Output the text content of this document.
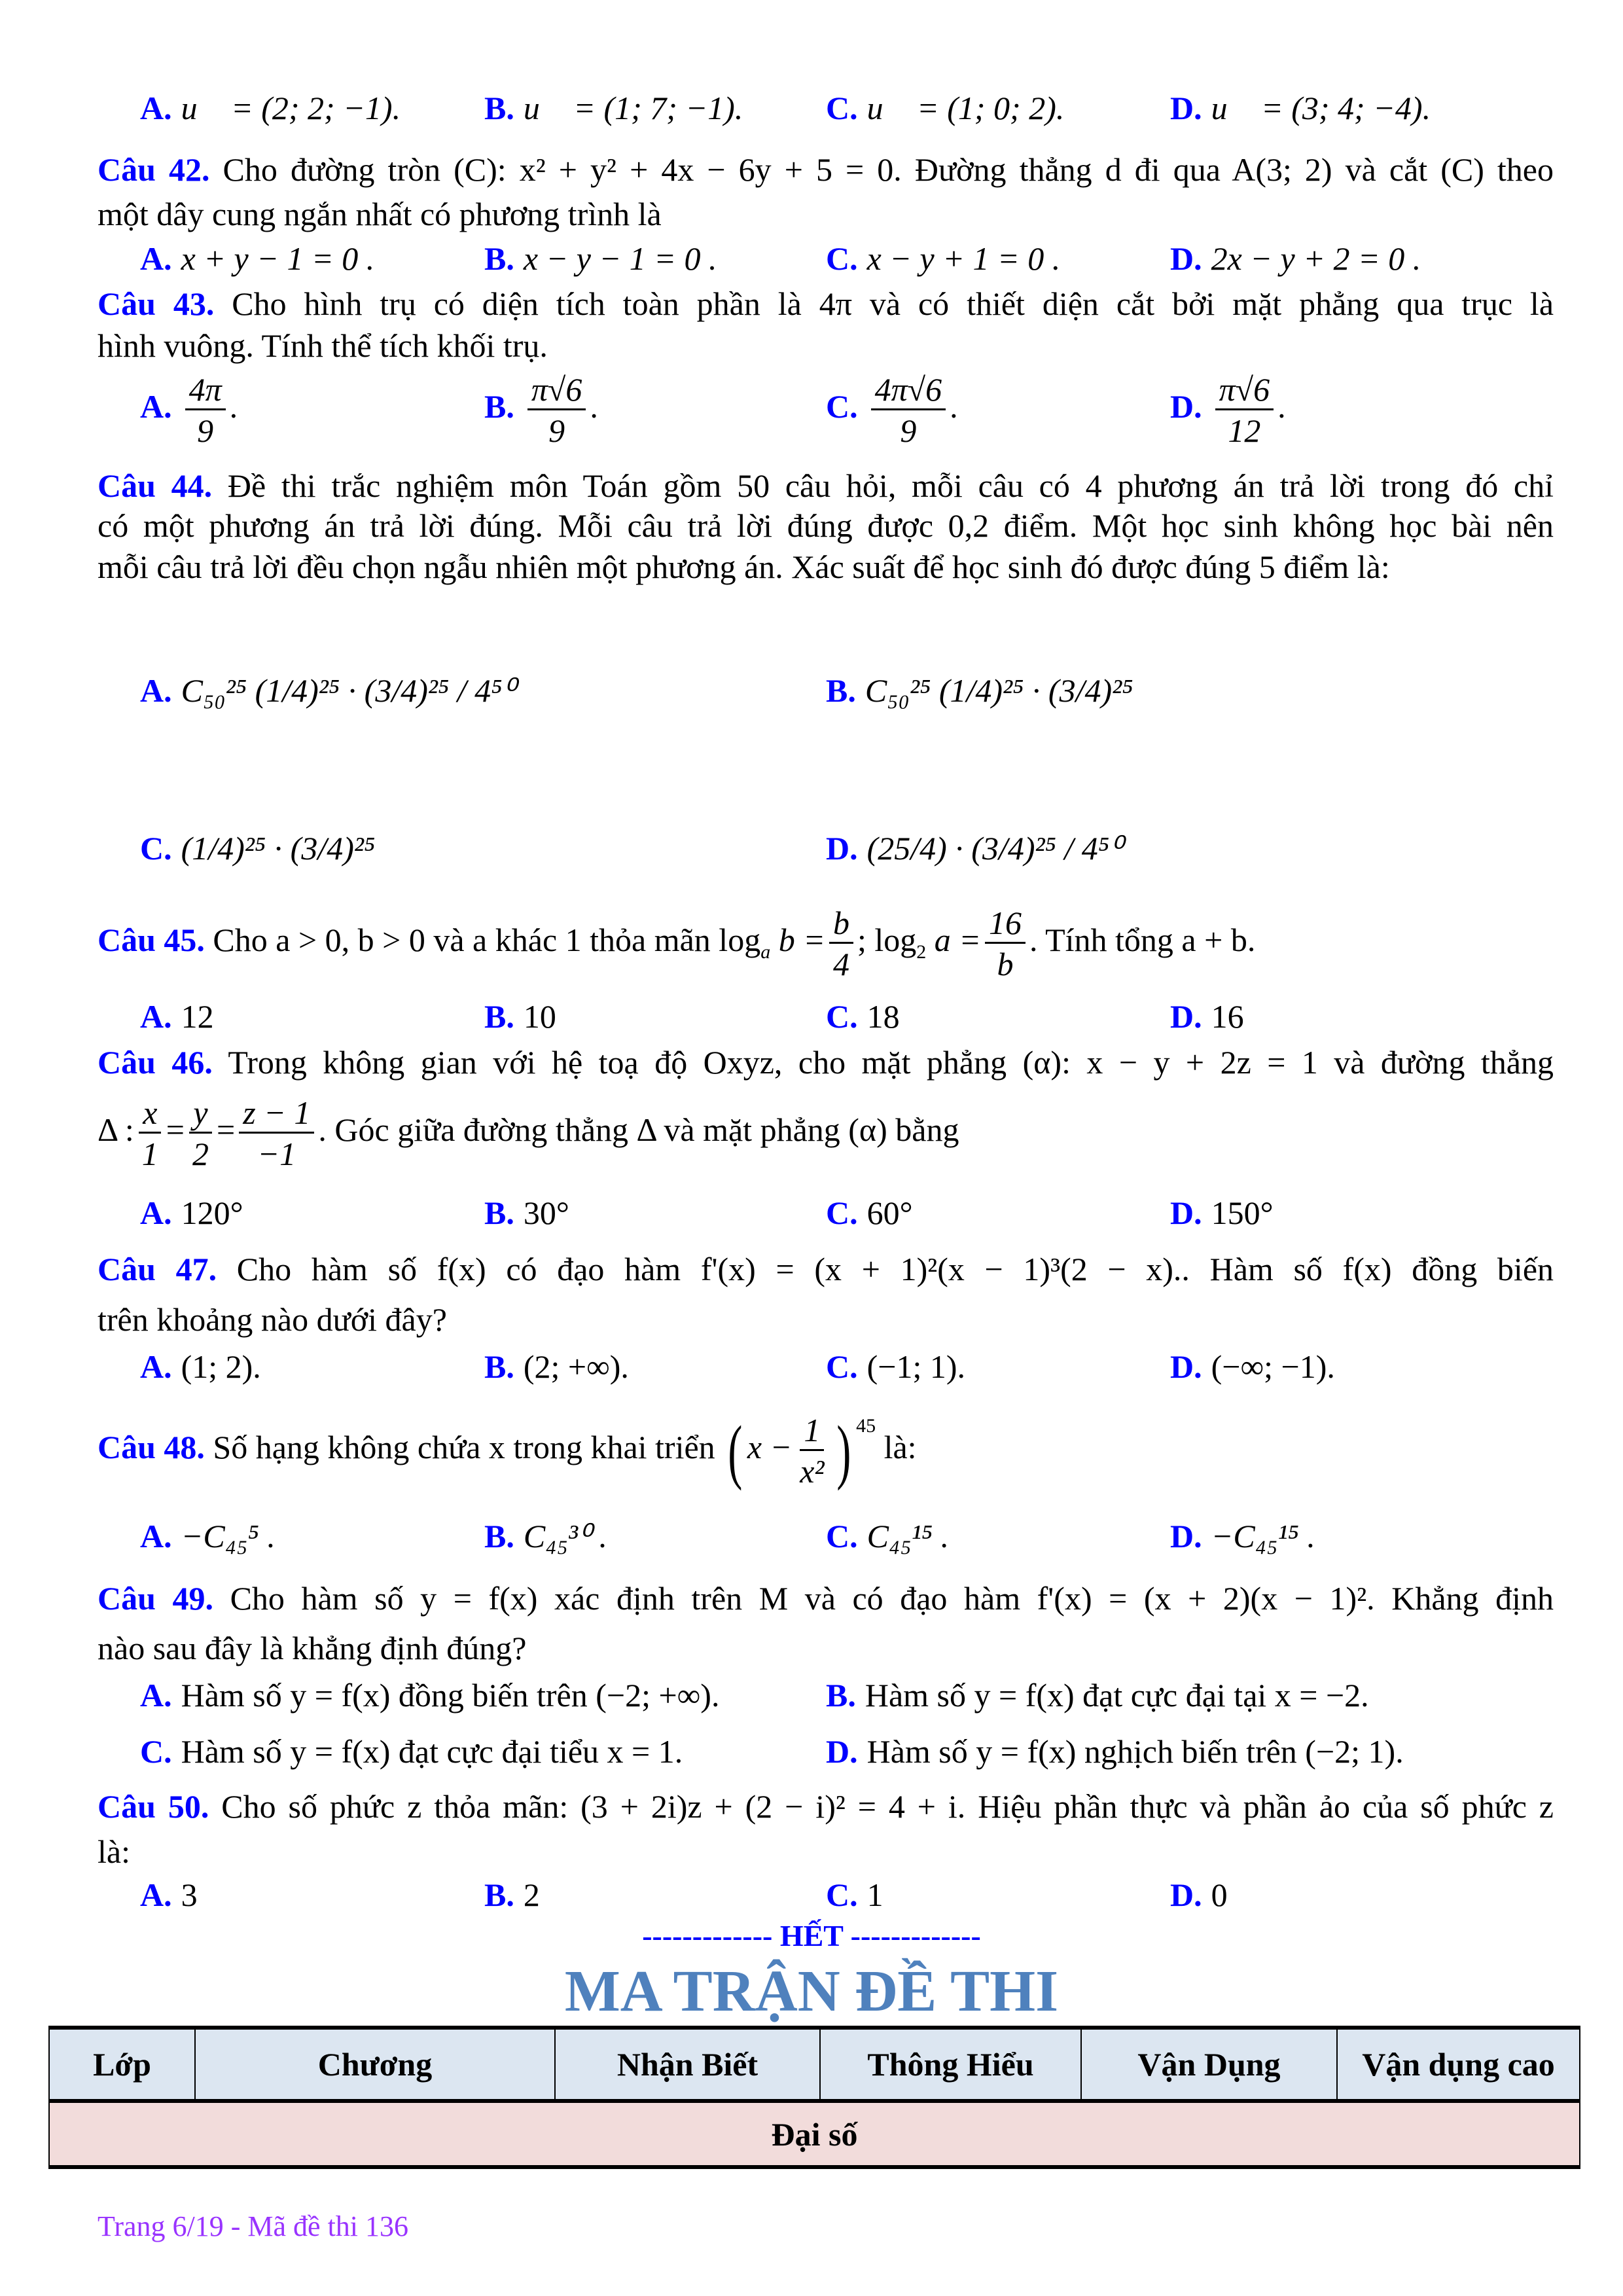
A. u⃗ = (2; 2; −1).	B. u⃗ = (1; 7; −1).	C. u⃗ = (1; 0; 2).	D. u⃗ = (3; 4; −4).
Câu 42. Cho đường tròn (C): x² + y² + 4x − 6y + 5 = 0. Đường thẳng d đi qua A(3; 2) và cắt (C) theo
một dây cung ngắn nhất có phương trình là
A. x + y − 1 = 0 .	B. x − y − 1 = 0 .	C. x − y + 1 = 0 .	D. 2x − y + 2 = 0 .
Câu 43. Cho hình trụ có diện tích toàn phần là 4π và có thiết diện cắt bởi mặt phẳng qua trục là
hình vuông. Tính thể tích khối trụ.
A. $\frac{4\pi}{9}$ .	B. $\frac{\pi√6}{9}$ .	C. $\frac{4\pi√6}{9}$ .	D. $\frac{\pi√6}{12}$ .
Câu 44. Đề thi trắc nghiệm môn Toán gồm 50 câu hỏi, mỗi câu có 4 phương án trả lời trong đó chỉ
có một phương án trả lời đúng. Mỗi câu trả lời đúng được 0,2 điểm. Một học sinh không học bài nên
mỗi câu trả lời đều chọn ngẫu nhiên một phương án. Xác suất để học sinh đó được đúng 5 điểm là:
A. C₅₀²⁵ (1/4)²⁵ · (3/4)²⁵ / 4⁵⁰	B. C₅₀²⁵ (1/4)²⁵ · (3/4)²⁵
C. (1/4)²⁵ · (3/4)²⁵	D. (25/4) · (3/4)²⁵ / 4⁵⁰
Câu 45. Cho a > 0, b > 0 và a khác 1 thỏa mãn $\log_a b = \frac{b}{4}$ ; $\log_2 a = \frac{16}{b}$ . Tính tổng a + b.
A. 12	B. 10	C. 18	D. 16
Câu 46. Trong không gian với hệ toạ độ Oxyz, cho mặt phẳng (α): x − y + 2z = 1 và đường thẳng
Δ : $\frac{x}{1} = \frac{y}{2} = \frac{z - 1}{-1}$ . Góc giữa đường thẳng Δ và mặt phẳng (α) bằng
A. 120°	B. 30°	C. 60°	D. 150°
Câu 47. Cho hàm số f(x) có đạo hàm f'(x) = (x + 1)²(x − 1)³(2 − x).. Hàm số f(x) đồng biến
trên khoảng nào dưới đây?
A. (1; 2).	B. (2; +∞).	C. (−1; 1).	D. (−∞; −1).
Câu 48. Số hạng không chứa x trong khai triển ( $x - \frac{1}{\text{x²}}$ ) $^{45}$ là:
A. −C₄₅⁵ .	B. C₄₅³⁰ .	C. C₄₅¹⁵ .	D. −C₄₅¹⁵ .
Câu 49. Cho hàm số y = f(x) xác định trên M và có đạo hàm f'(x) = (x + 2)(x − 1)². Khẳng định
nào sau đây là khẳng định đúng?
A. Hàm số y = f(x) đồng biến trên (−2; +∞).	B. Hàm số y = f(x) đạt cực đại tại x = −2.
C. Hàm số y = f(x) đạt cực đại tiểu x = 1.	D. Hàm số y = f(x) nghịch biến trên (−2; 1).
Câu 50. Cho số phức z thỏa mãn: (3 + 2i)z + (2 − i)² = 4 + i. Hiệu phần thực và phần ảo của số phức z
là:
A. 3	B. 2	C. 1	D. 0
------------- HẾT -------------
MA TRẬN ĐỀ THI
Lớp	Chương	Nhận Biết	Thông Hiểu	Vận Dụng	Vận dụng cao
Đại số
Trang 6/19 - Mã đề thi 136
